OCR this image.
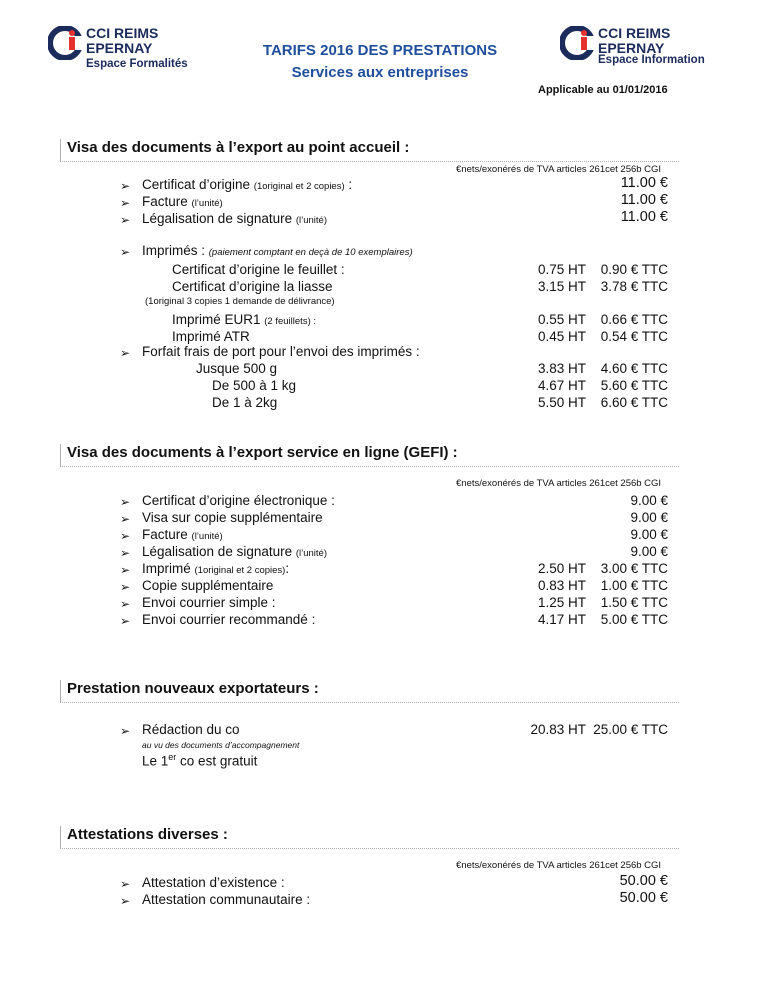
CCI REIMS
EPERNAY
Espace Formalités
CCI REIMS
EPERNAY
Espace Information
TARIFS 2016 DES PRESTATIONS
Services aux entreprises
Applicable au 01/01/2016
Visa des documents à l’export au point accueil :
€nets/exonérés de TVA articles 261cet 256b CGI
➢ Certificat d’origine (1original et 2 copies) :	11.00 €
➢ Facture (l’unité)	11.00 €
➢ Légalisation de signature (l’unité)	11.00 €
➢ Imprimés : (paiement comptant en deçà de 10 exemplaires)
Certificat d’origine le feuillet :	0.75 HT 0.90 € TTC
Certificat d’origine la liasse	3.15 HT 3.78 € TTC
(1original 3 copies 1 demande de délivrance)
Imprimé EUR1 (2 feuillets) :	0.55 HT 0.66 € TTC
Imprimé ATR	0.45 HT 0.54 € TTC
➢ Forfait frais de port pour l’envoi des imprimés :
Jusque 500 g	3.83 HT 4.60 € TTC
De 500 à 1 kg	4.67 HT 5.60 € TTC
De 1 à 2kg	5.50 HT 6.60 € TTC
Visa des documents à l’export service en ligne (GEFI) :
€nets/exonérés de TVA articles 261cet 256b CGI
➢ Certificat d’origine électronique :	9.00 €
➢ Visa sur copie supplémentaire	9.00 €
➢ Facture (l’unité)	9.00 €
➢ Légalisation de signature (l’unité)	9.00 €
➢ Imprimé (1original et 2 copies):	2.50 HT 3.00 € TTC
➢ Copie supplémentaire	0.83 HT 1.00 € TTC
➢ Envoi courrier simple :	1.25 HT 1.50 € TTC
➢ Envoi courrier recommandé :	4.17 HT 5.00 € TTC
Prestation nouveaux exportateurs :
➢ Rédaction du co	20.83 HT 25.00 € TTC
au vu des documents d’accompagnement
Le 1er co est gratuit
Attestations diverses :
€nets/exonérés de TVA articles 261cet 256b CGI
➢ Attestation d’existence :	50.00 €
➢ Attestation communautaire :	50.00 €
